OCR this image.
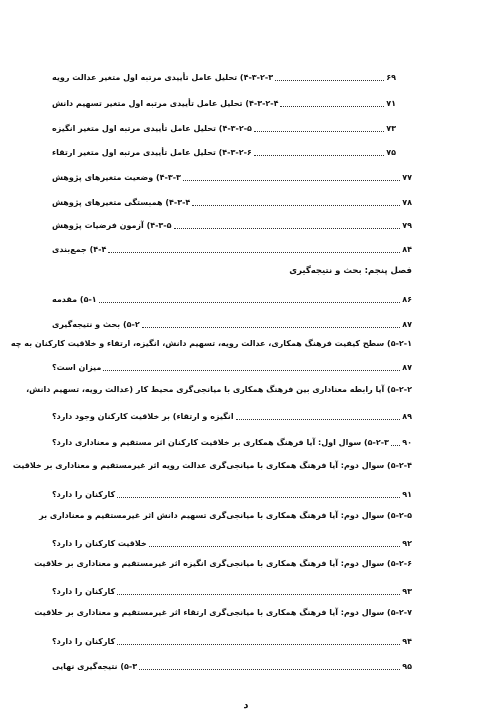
۴-۳-۲-۳) تحلیل عامل تأییدی مرتبه اول متغیر عدالت رویه	۶۹
۴-۳-۲-۴) تحلیل عامل تأییدی مرتبه اول متغیر تسهیم دانش	۷۱
۴-۳-۲-۵) تحلیل عامل تأییدی مرتبه اول متغیر انگیزه	۷۳
۴-۳-۲-۶) تحلیل عامل تأییدی مرتبه اول متغیر ارتقاء	۷۵
۴-۳-۳) وضعیت متغیرهای پژوهش	۷۷
۴-۳-۴) همبستگی متغیرهای پژوهش	۷۸
۴-۳-۵) آزمون فرضیات پژوهش	۷۹
۴-۴) جمع‌بندی	۸۴
فصل پنجم: بحث و نتیجه‌گیری
۵-۱) مقدمه	۸۶
۵-۲) بحث و نتیجه‌گیری	۸۷
۵-۲-۱) سطح کیفیت فرهنگ همکاری، عدالت رویه، تسهیم دانش، انگیزه، ارتقاء و خلاقیت کارکنان به چه
میزان است؟	۸۷
۵-۲-۲) آیا رابطه معناداری بین فرهنگ همکاری با میانجی‌گری محیط کار (عدالت رویه، تسهیم دانش،
انگیزه و ارتقاء) بر خلاقیت کارکنان وجود دارد؟	۸۹
۵-۲-۳) سوال اول: آیا فرهنگ همکاری بر خلاقیت کارکنان اثر مستقیم و معناداری دارد؟ ۹۰
۵-۲-۴) سوال دوم: آیا فرهنگ همکاری با میانجی‌گری عدالت رویه اثر غیرمستقیم و معناداری بر خلاقیت
کارکنان را دارد؟	۹۱
۵-۲-۵) سوال دوم: آیا فرهنگ همکاری با میانجی‌گری تسهیم دانش اثر غیرمستقیم و معناداری بر
خلاقیت کارکنان را دارد؟	۹۲
۵-۲-۶) سوال دوم: آیا فرهنگ همکاری با میانجی‌گری انگیزه اثر غیرمستقیم و معناداری بر خلاقیت
کارکنان را دارد؟	۹۳
۵-۲-۷) سوال دوم: آیا فرهنگ همکاری با میانجی‌گری ارتقاء اثر غیرمستقیم و معناداری بر خلاقیت
کارکنان را دارد؟	۹۴
۵-۳) نتیجه‌گیری نهایی	۹۵
د
